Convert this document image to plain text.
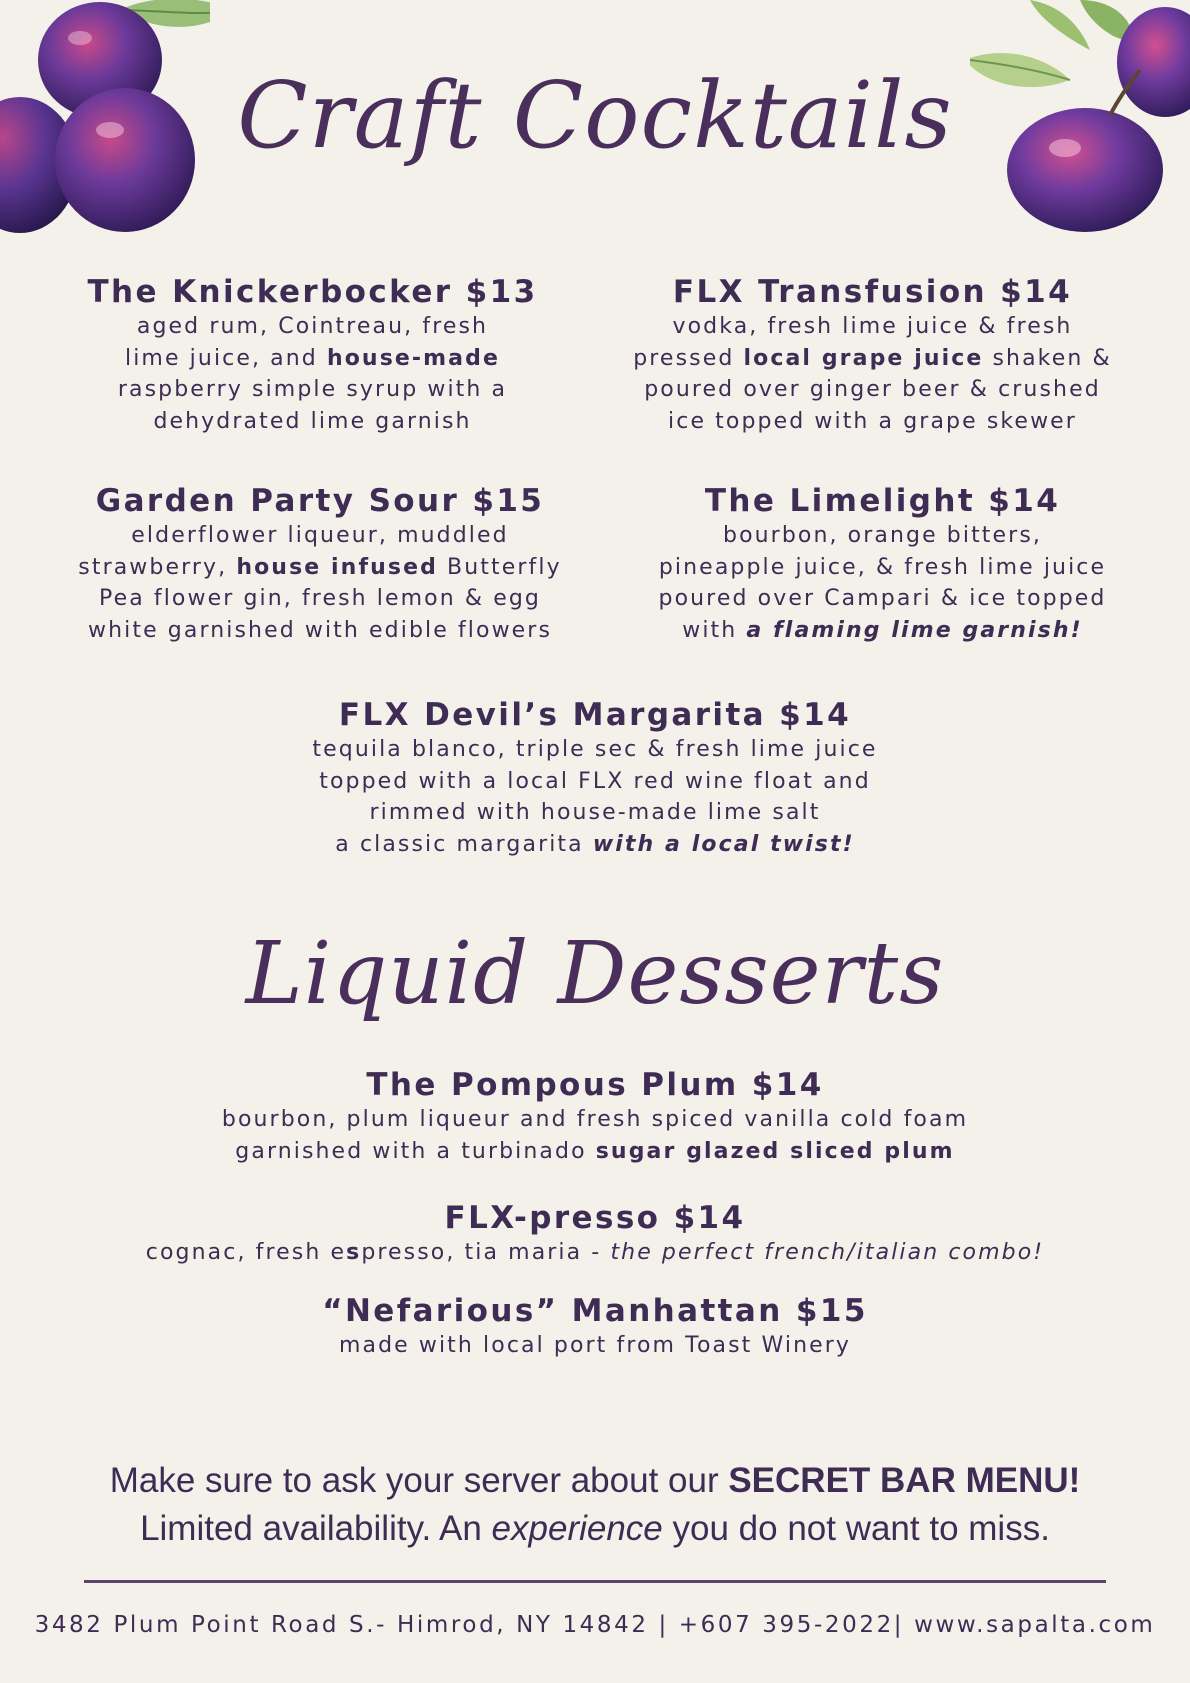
Craft Cocktails
The Knickerbocker $13
aged rum, Cointreau, fresh
lime juice, and house-made
raspberry simple syrup with a
dehydrated lime garnish
FLX Transfusion $14
vodka, fresh lime juice & fresh
pressed local grape juice shaken &
poured over ginger beer & crushed
ice topped with a grape skewer
Garden Party Sour $15
elderflower liqueur, muddled
strawberry, house infused Butterfly
Pea flower gin, fresh lemon & egg
white garnished with edible flowers
The Limelight $14
bourbon, orange bitters,
pineapple juice, & fresh lime juice
poured over Campari & ice topped
with a flaming lime garnish!
FLX Devil’s Margarita $14
tequila blanco, triple sec & fresh lime juice
topped with a local FLX red wine float and
rimmed with house-made lime salt
a classic margarita with a local twist!
Liquid Desserts
The Pompous Plum $14
bourbon, plum liqueur and fresh spiced vanilla cold foam
garnished with a turbinado sugar glazed sliced plum
FLX-presso $14
cognac, fresh espresso, tia maria - the perfect french/italian combo!
“Nefarious” Manhattan $15
made with local port from Toast Winery
Make sure to ask your server about our SECRET BAR MENU!
Limited availability. An experience you do not want to miss.
3482 Plum Point Road S.- Himrod, NY 14842 | +607 395-2022| www.sapalta.com
